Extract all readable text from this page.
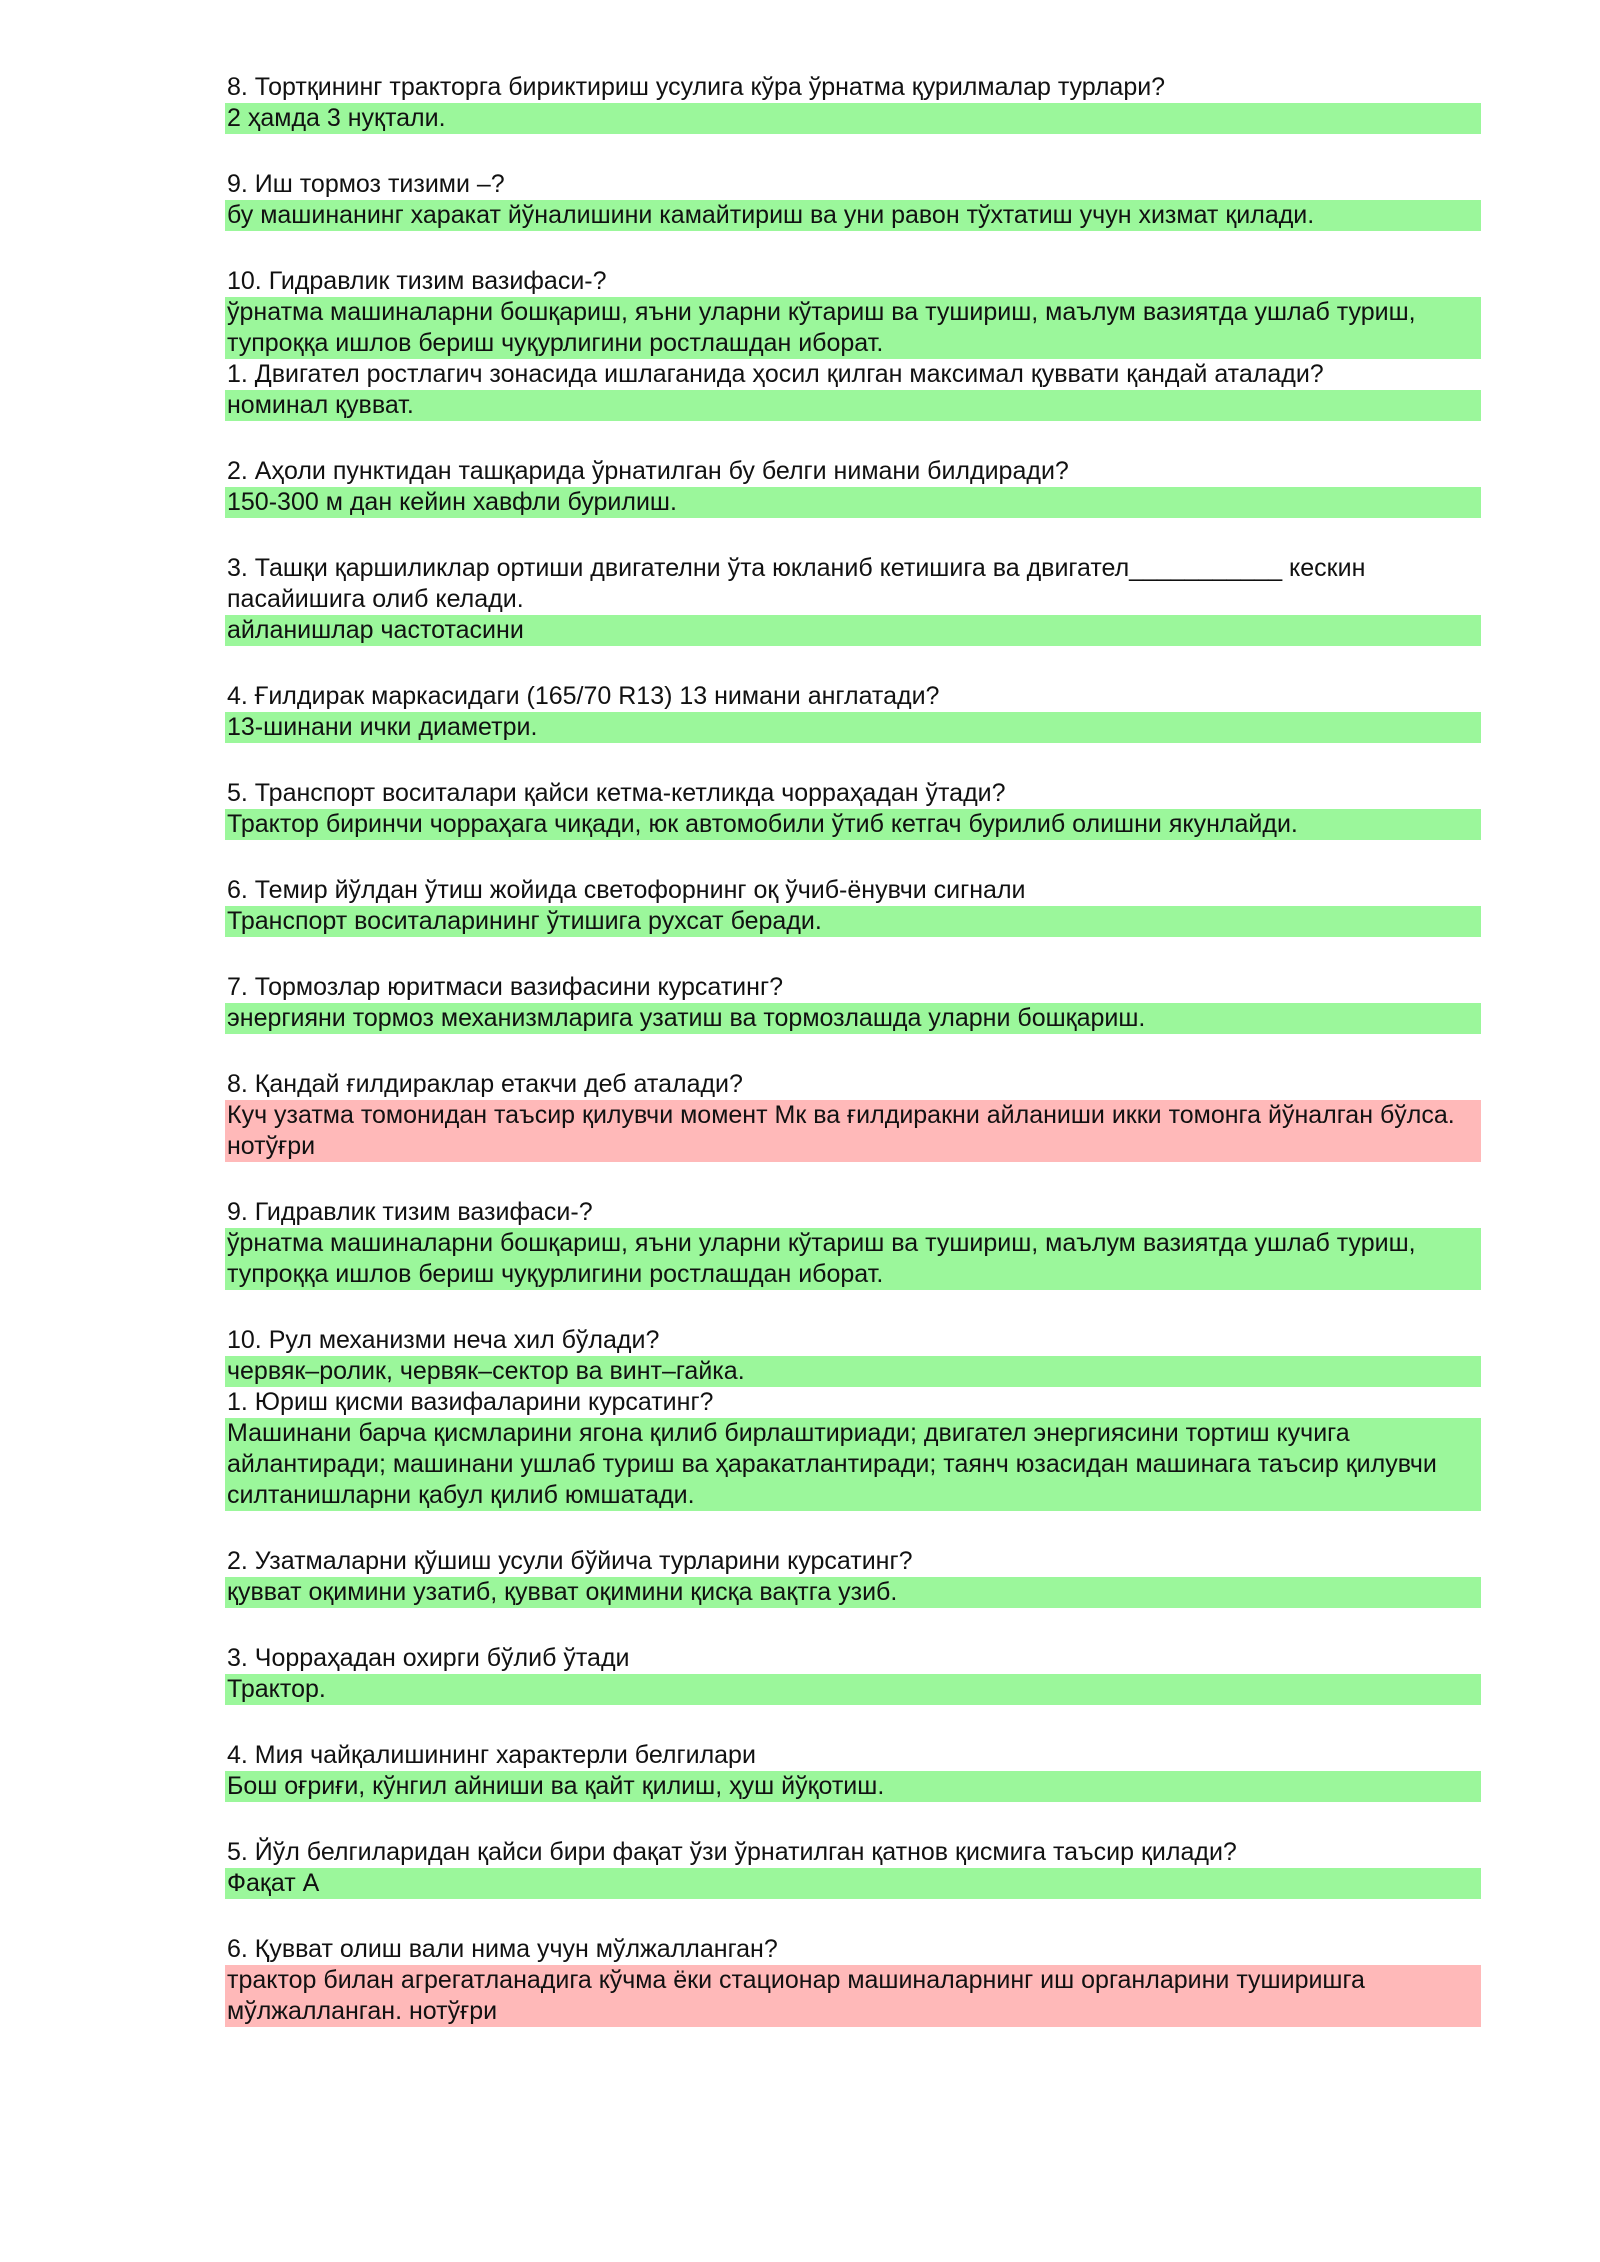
8. Тортқининг тракторга бириктириш усулига кўра ўрнатма қурилмалар турлари?
2 ҳамда 3 нуқтали.
9. Иш тормоз тизими –?
бу машинанинг харакат йўналишини камайтириш ва уни равон тўхтатиш учун хизмат қилади.
10. Гидравлик тизим вазифаси-?
ўрнатма машиналарни бошқариш, яъни уларни кўтариш ва тушириш, маълум вазиятда ушлаб туриш, тупроққа ишлов бериш чуқурлигини ростлашдан иборат.
1. Двигател ростлагич зонасида ишлаганида ҳосил қилган максимал қуввати қандай аталади?
номинал қувват.
2. Аҳоли пунктидан ташқарида ўрнатилган бу белги нимани билдиради?
150-300 м дан кейин хавфли бурилиш.
3. Ташқи қаршиликлар ортиши двигателни ўта юкланиб кетишига ва двигател___________ кескин пасайишига олиб келади.
айланишлар частотасини
4. Ғилдирак маркасидаги (165/70 R13) 13 нимани англатади?
13-шинани ички диаметри.
5. Транспорт воситалари қайси кетма-кетликда чорраҳадан ўтади?
Трактор биринчи чорраҳага чиқади, юк автомобили ўтиб кетгач бурилиб олишни якунлайди.
6. Темир йўлдан ўтиш жойида светофорнинг оқ ўчиб-ёнувчи сигнали
Транспорт воситаларининг ўтишига рухсат беради.
7. Тормозлар юритмаси вазифасини курсатинг?
энергияни тормоз механизмларига узатиш ва тормозлашда уларни бошқариш.
8. Қандай ғилдираклар етакчи деб аталади?
Куч узатма томонидан таъсир қилувчи момент Мк ва ғилдиракни айланиши икки томонга йўналган бўлса. нотўғри
9. Гидравлик тизим вазифаси-?
ўрнатма машиналарни бошқариш, яъни уларни кўтариш ва тушириш, маълум вазиятда ушлаб туриш, тупроққа ишлов бериш чуқурлигини ростлашдан иборат.
10. Рул механизми неча хил бўлади?
червяк–ролик, червяк–сектор ва винт–гайка.
1. Юриш қисми вазифаларини курсатинг?
Машинани барча қисмларини ягона қилиб бирлаштириади; двигател энергиясини тортиш кучига айлантиради; машинани ушлаб туриш ва ҳаракатлантиради; таянч юзасидан машинага таъсир қилувчи силтанишларни қабул қилиб юмшатади.
2. Узатмаларни қўшиш усули бўйича турларини курсатинг?
қувват оқимини узатиб, қувват оқимини қисқа вақтга узиб.
3. Чорраҳадан охирги бўлиб ўтади
Трактор.
4. Мия чайқалишининг характерли белгилари
Бош оғриғи, кўнгил айниши ва қайт қилиш, ҳуш йўқотиш.
5. Йўл белгиларидан қайси бири фақат ўзи ўрнатилган қатнов қисмига таъсир қилади?
Фақат А
6. Қувват олиш вали нима учун мўлжалланган?
трактор билан агрегатланадига кўчма ёки стационар машиналарнинг иш органларини туширишга мўлжалланган. нотўғри
